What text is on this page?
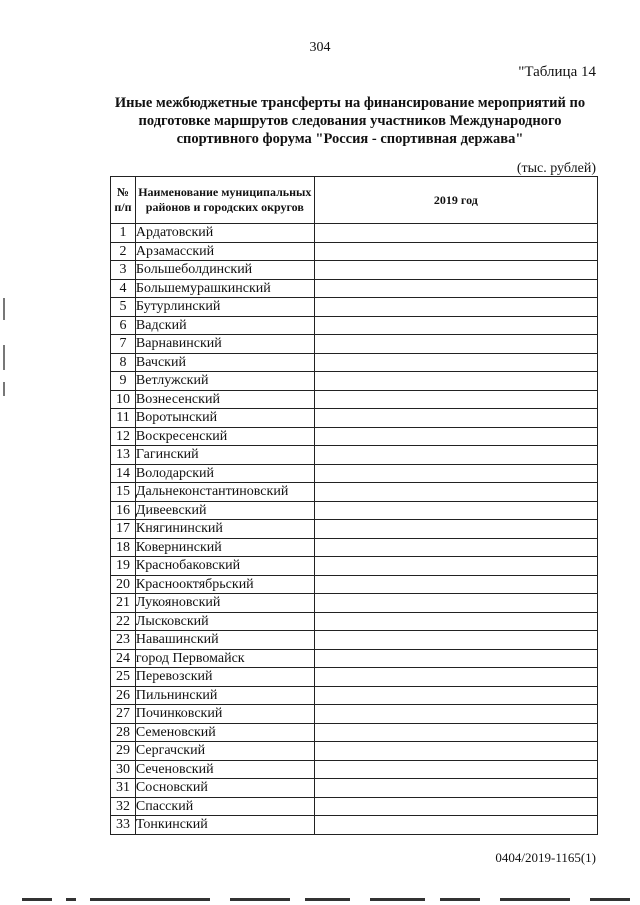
304
"Таблица 14
Иные межбюджетные трансферты на финансирование мероприятий по подготовке маршрутов следования участников Международного спортивного форума "Россия - спортивная держава"
(тыс. рублей)
№ п/п	Наименование муниципальных районов и городских округов	2019 год
1	Ардатовский	
2	Арзамасский	
3	Большеболдинский	
4	Большемурашкинский	
5	Бутурлинский	
6	Вадский	
7	Варнавинский	
8	Вачский	
9	Ветлужский	
10	Вознесенский	
11	Воротынский	
12	Воскресенский	
13	Гагинский	
14	Володарский	
15	Дальнеконстантиновский	
16	Дивеевский	
17	Княгининский	
18	Ковернинский	
19	Краснобаковский	
20	Краснооктябрьский	
21	Лукояновский	
22	Лысковский	
23	Навашинский	
24	город Первомайск	
25	Перевозский	
26	Пильнинский	
27	Починковский	
28	Семеновский	
29	Сергачский	
30	Сеченовский	
31	Сосновский	
32	Спасский	
33	Тонкинский	
0404/2019-1165(1)
